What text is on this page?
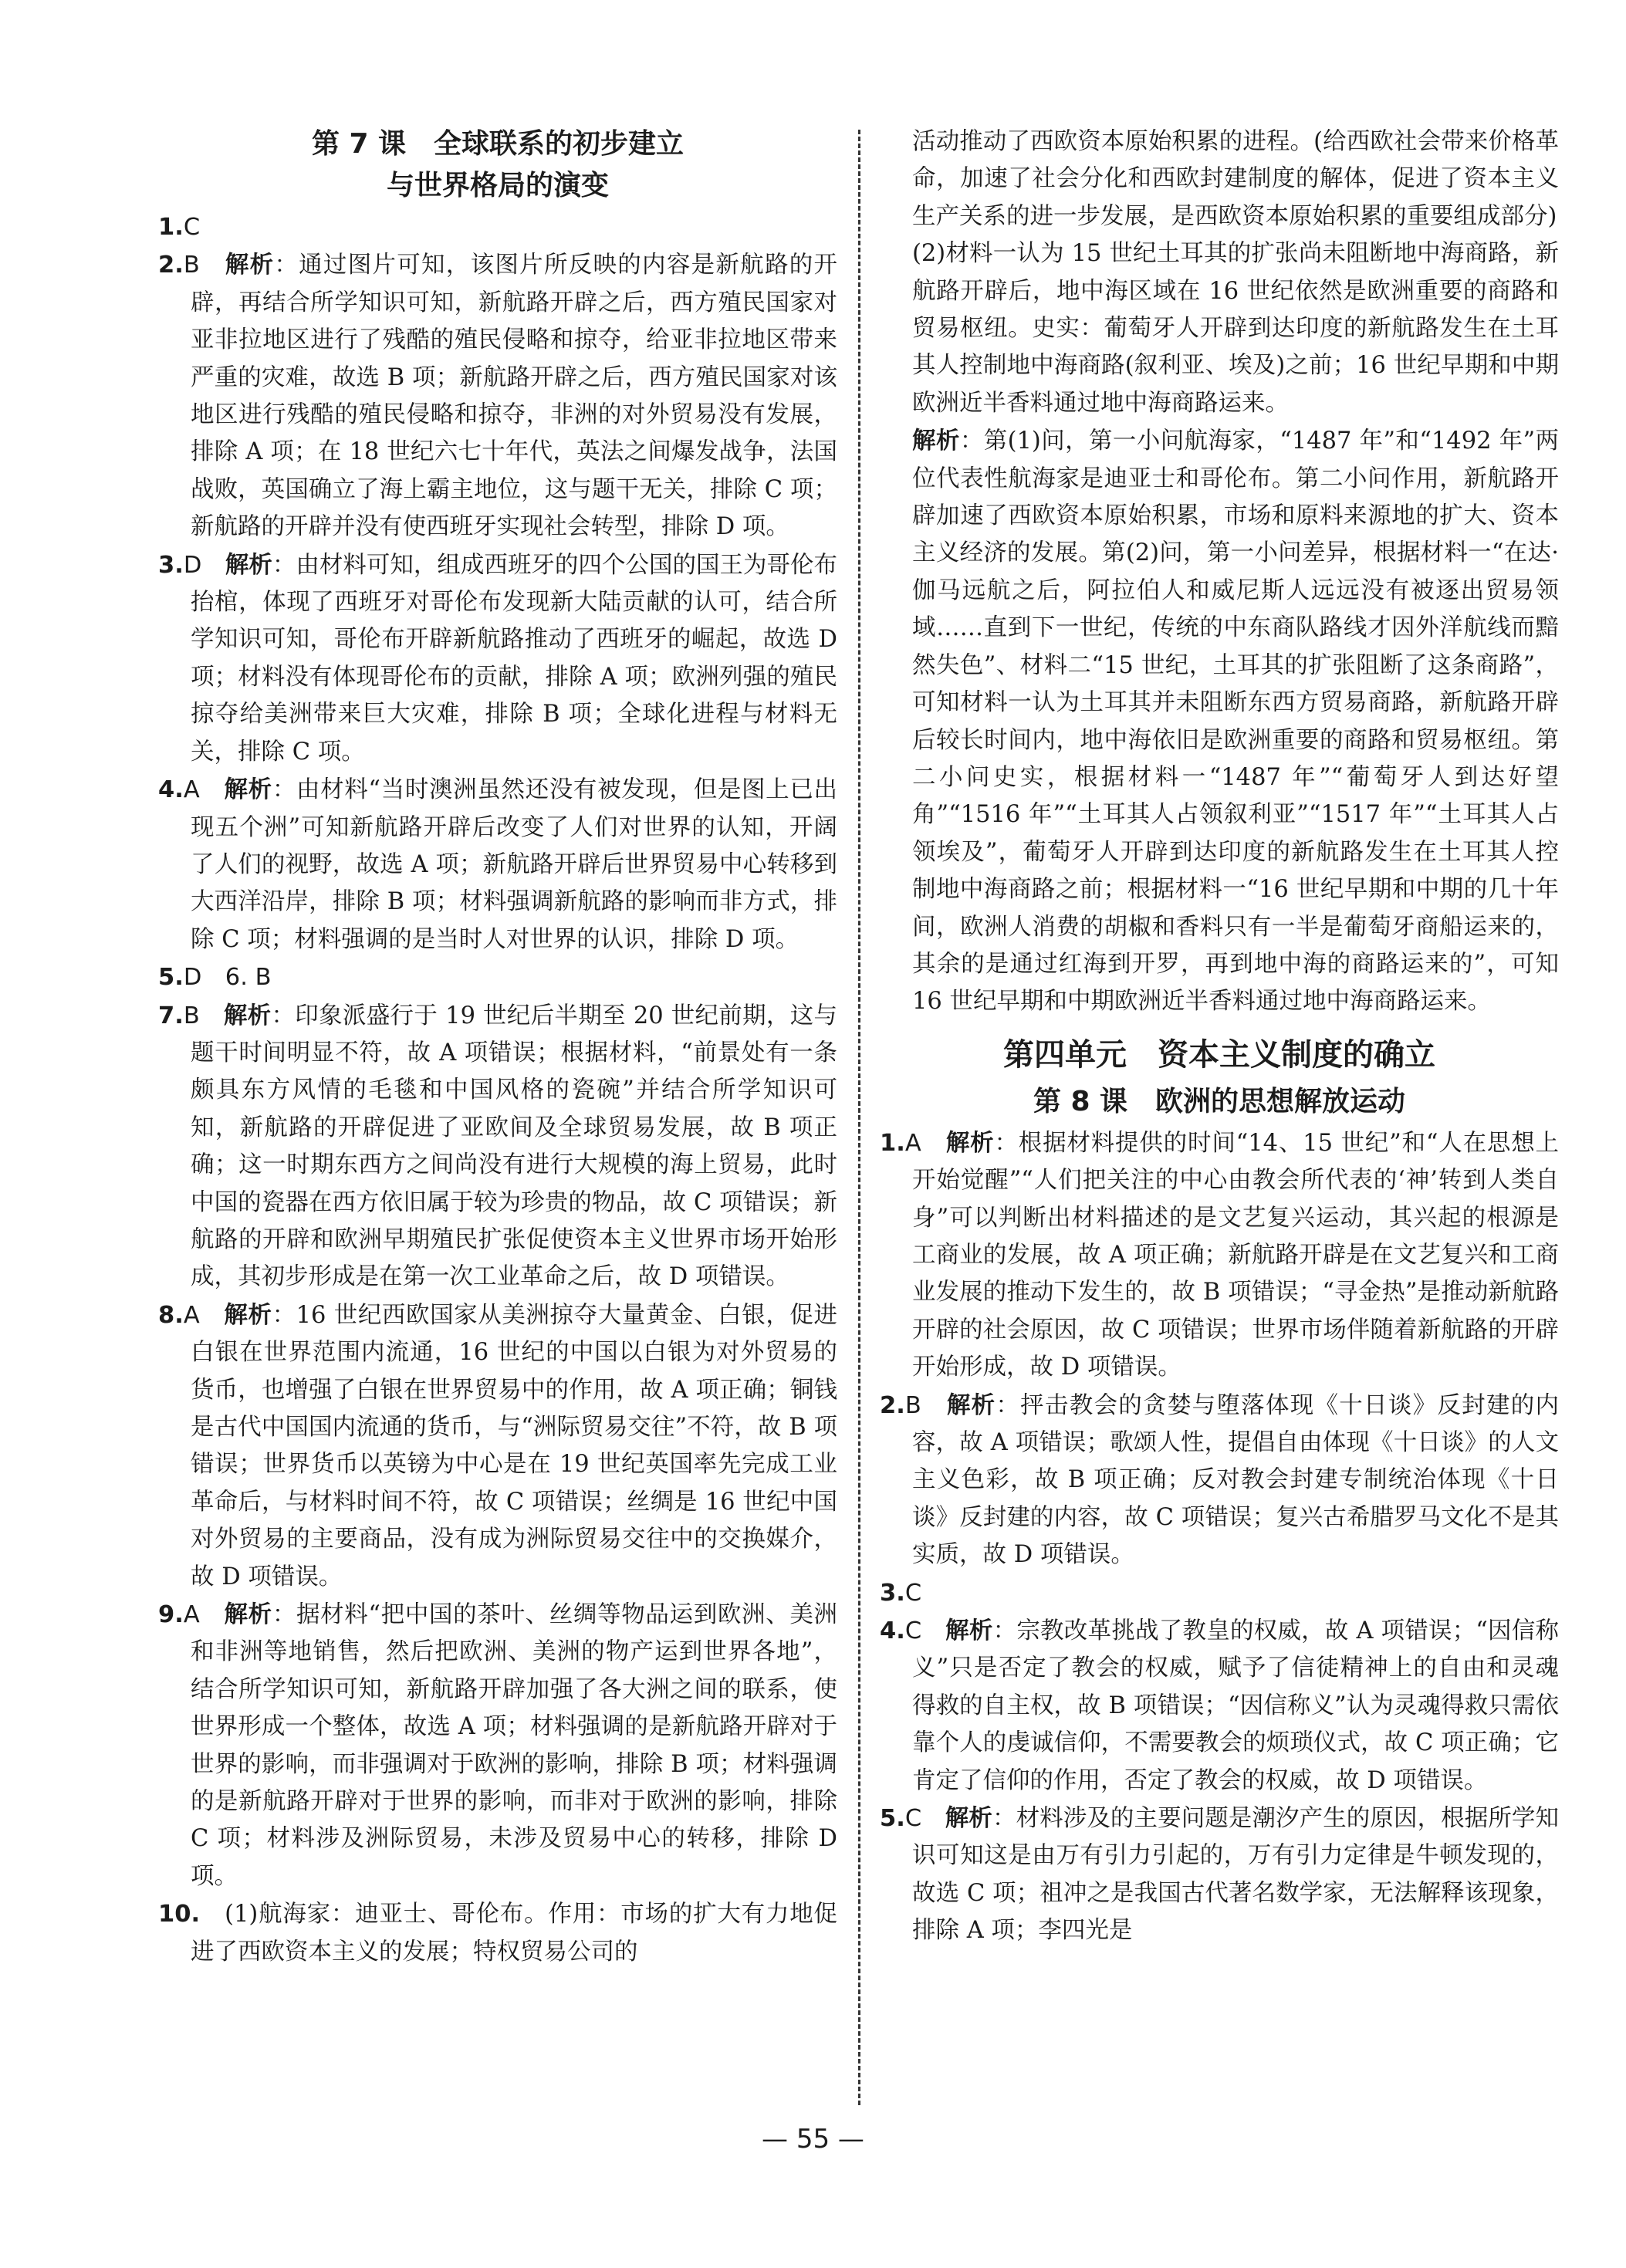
第 7 课　全球联系的初步建立
与世界格局的演变

1.C　

2.B　 解析：通过图片可知，该图片所反映的内容是新航路的开辟，再结合所学知识可知，新航路开辟之后，西方殖民国家对亚非拉地区进行了残酷的殖民侵略和掠夺，给亚非拉地区带来严重的灾难，故选 B 项；新航路开辟之后，西方殖民国家对该地区进行残酷的殖民侵略和掠夺，非洲的对外贸易没有发展，排除 A 项；在 18 世纪六七十年代，英法之间爆发战争，法国战败，英国确立了海上霸主地位，这与题干无关，排除 C 项；新航路的开辟并没有使西班牙实现社会转型，排除 D 项。

3.D　 解析：由材料可知，组成西班牙的四个公国的国王为哥伦布抬棺，体现了西班牙对哥伦布发现新大陆贡献的认可，结合所学知识可知，哥伦布开辟新航路推动了西班牙的崛起，故选 D 项；材料没有体现哥伦布的贡献，排除 A 项；欧洲列强的殖民掠夺给美洲带来巨大灾难，排除 B 项；全球化进程与材料无关，排除 C 项。

4.A　 解析：由材料“当时澳洲虽然还没有被发现，但是图上已出现五个洲”可知新航路开辟后改变了人们对世界的认知，开阔了人们的视野，故选 A 项；新航路开辟后世界贸易中心转移到大西洋沿岸，排除 B 项；材料强调新航路的影响而非方式，排除 C 项；材料强调的是当时人对世界的认识，排除 D 项。

5.D　6. B　

7.B　 解析：印象派盛行于 19 世纪后半期至 20 世纪前期，这与题干时间明显不符，故 A 项错误；根据材料，“前景处有一条颇具东方风情的毛毯和中国风格的瓷碗”并结合所学知识可知，新航路的开辟促进了亚欧间及全球贸易发展，故 B 项正确；这一时期东西方之间尚没有进行大规模的海上贸易，此时中国的瓷器在西方依旧属于较为珍贵的物品，故 C 项错误；新航路的开辟和欧洲早期殖民扩张促使资本主义世界市场开始形成，其初步形成是在第一次工业革命之后，故 D 项错误。

8.A　 解析：16 世纪西欧国家从美洲掠夺大量黄金、白银，促进白银在世界范围内流通，16 世纪的中国以白银为对外贸易的货币，也增强了白银在世界贸易中的作用，故 A 项正确；铜钱是古代中国国内流通的货币，与“洲际贸易交往”不符，故 B 项错误；世界货币以英镑为中心是在 19 世纪英国率先完成工业革命后，与材料时间不符，故 C 项错误；丝绸是 16 世纪中国对外贸易的主要商品，没有成为洲际贸易交往中的交换媒介，故 D 项错误。

9.A　 解析：据材料“把中国的茶叶、丝绸等物品运到欧洲、美洲和非洲等地销售，然后把欧洲、美洲的物产运到世界各地”，结合所学知识可知，新航路开辟加强了各大洲之间的联系，使世界形成一个整体，故选 A 项；材料强调的是新航路开辟对于世界的影响，而非强调对于欧洲的影响，排除 B 项；材料强调的是新航路开辟对于世界的影响，而非对于欧洲的影响，排除 C 项；材料涉及洲际贸易，未涉及贸易中心的转移，排除 D 项。

10.　 (1)航海家：迪亚士、哥伦布。作用：市场的扩大有力地促进了西欧资本主义的发展；特权贸易公司的

活动推动了西欧资本原始积累的进程。(给西欧社会带来价格革命，加速了社会分化和西欧封建制度的解体，促进了资本主义生产关系的进一步发展，是西欧资本原始积累的重要组成部分)

(2)材料一认为 15 世纪土耳其的扩张尚未阻断地中海商路，新航路开辟后，地中海区域在 16 世纪依然是欧洲重要的商路和贸易枢纽。史实：葡萄牙人开辟到达印度的新航路发生在土耳其人控制地中海商路(叙利亚、埃及)之前；16 世纪早期和中期欧洲近半香料通过地中海商路运来。

解析：第(1)问，第一小问航海家，“1487 年”和“1492 年”两位代表性航海家是迪亚士和哥伦布。第二小问作用，新航路开辟加速了西欧资本原始积累，市场和原料来源地的扩大、资本主义经济的发展。第(2)问，第一小问差异，根据材料一“在达·伽马远航之后，阿拉伯人和威尼斯人远远没有被逐出贸易领域……直到下一世纪，传统的中东商队路线才因外洋航线而黯然失色”、材料二“15 世纪，土耳其的扩张阻断了这条商路”，可知材料一认为土耳其并未阻断东西方贸易商路，新航路开辟后较长时间内，地中海依旧是欧洲重要的商路和贸易枢纽。第二小问史实，根据材料一“1487 年”“葡萄牙人到达好望角”“1516 年”“土耳其人占领叙利亚”“1517 年”“土耳其人占领埃及”，葡萄牙人开辟到达印度的新航路发生在土耳其人控制地中海商路之前；根据材料一“16 世纪早期和中期的几十年间，欧洲人消费的胡椒和香料只有一半是葡萄牙商船运来的，其余的是通过红海到开罗，再到地中海的商路运来的”，可知 16 世纪早期和中期欧洲近半香料通过地中海商路运来。

第四单元　资本主义制度的确立
第 8 课　欧洲的思想解放运动

1.A　 解析：根据材料提供的时间“14、15 世纪”和“人在思想上开始觉醒”“人们把关注的中心由教会所代表的‘神’转到人类自身”可以判断出材料描述的是文艺复兴运动，其兴起的根源是工商业的发展，故 A 项正确；新航路开辟是在文艺复兴和工商业发展的推动下发生的，故 B 项错误；“寻金热”是推动新航路开辟的社会原因，故 C 项错误；世界市场伴随着新航路的开辟开始形成，故 D 项错误。

2.B　 解析：抨击教会的贪婪与堕落体现《十日谈》反封建的内容，故 A 项错误；歌颂人性，提倡自由体现《十日谈》的人文主义色彩，故 B 项正确；反对教会封建专制统治体现《十日谈》反封建的内容，故 C 项错误；复兴古希腊罗马文化不是其实质，故 D 项错误。

3.C　

4.C　 解析：宗教改革挑战了教皇的权威，故 A 项错误；“因信称义”只是否定了教会的权威，赋予了信徒精神上的自由和灵魂得救的自主权，故 B 项错误；“因信称义”认为灵魂得救只需依靠个人的虔诚信仰，不需要教会的烦琐仪式，故 C 项正确；它肯定了信仰的作用，否定了教会的权威，故 D 项错误。

5.C　 解析：材料涉及的主要问题是潮汐产生的原因，根据所学知识可知这是由万有引力引起的，万有引力定律是牛顿发现的，故选 C 项；祖冲之是我国古代著名数学家，无法解释该现象，排除 A 项；李四光是

— 55 —
